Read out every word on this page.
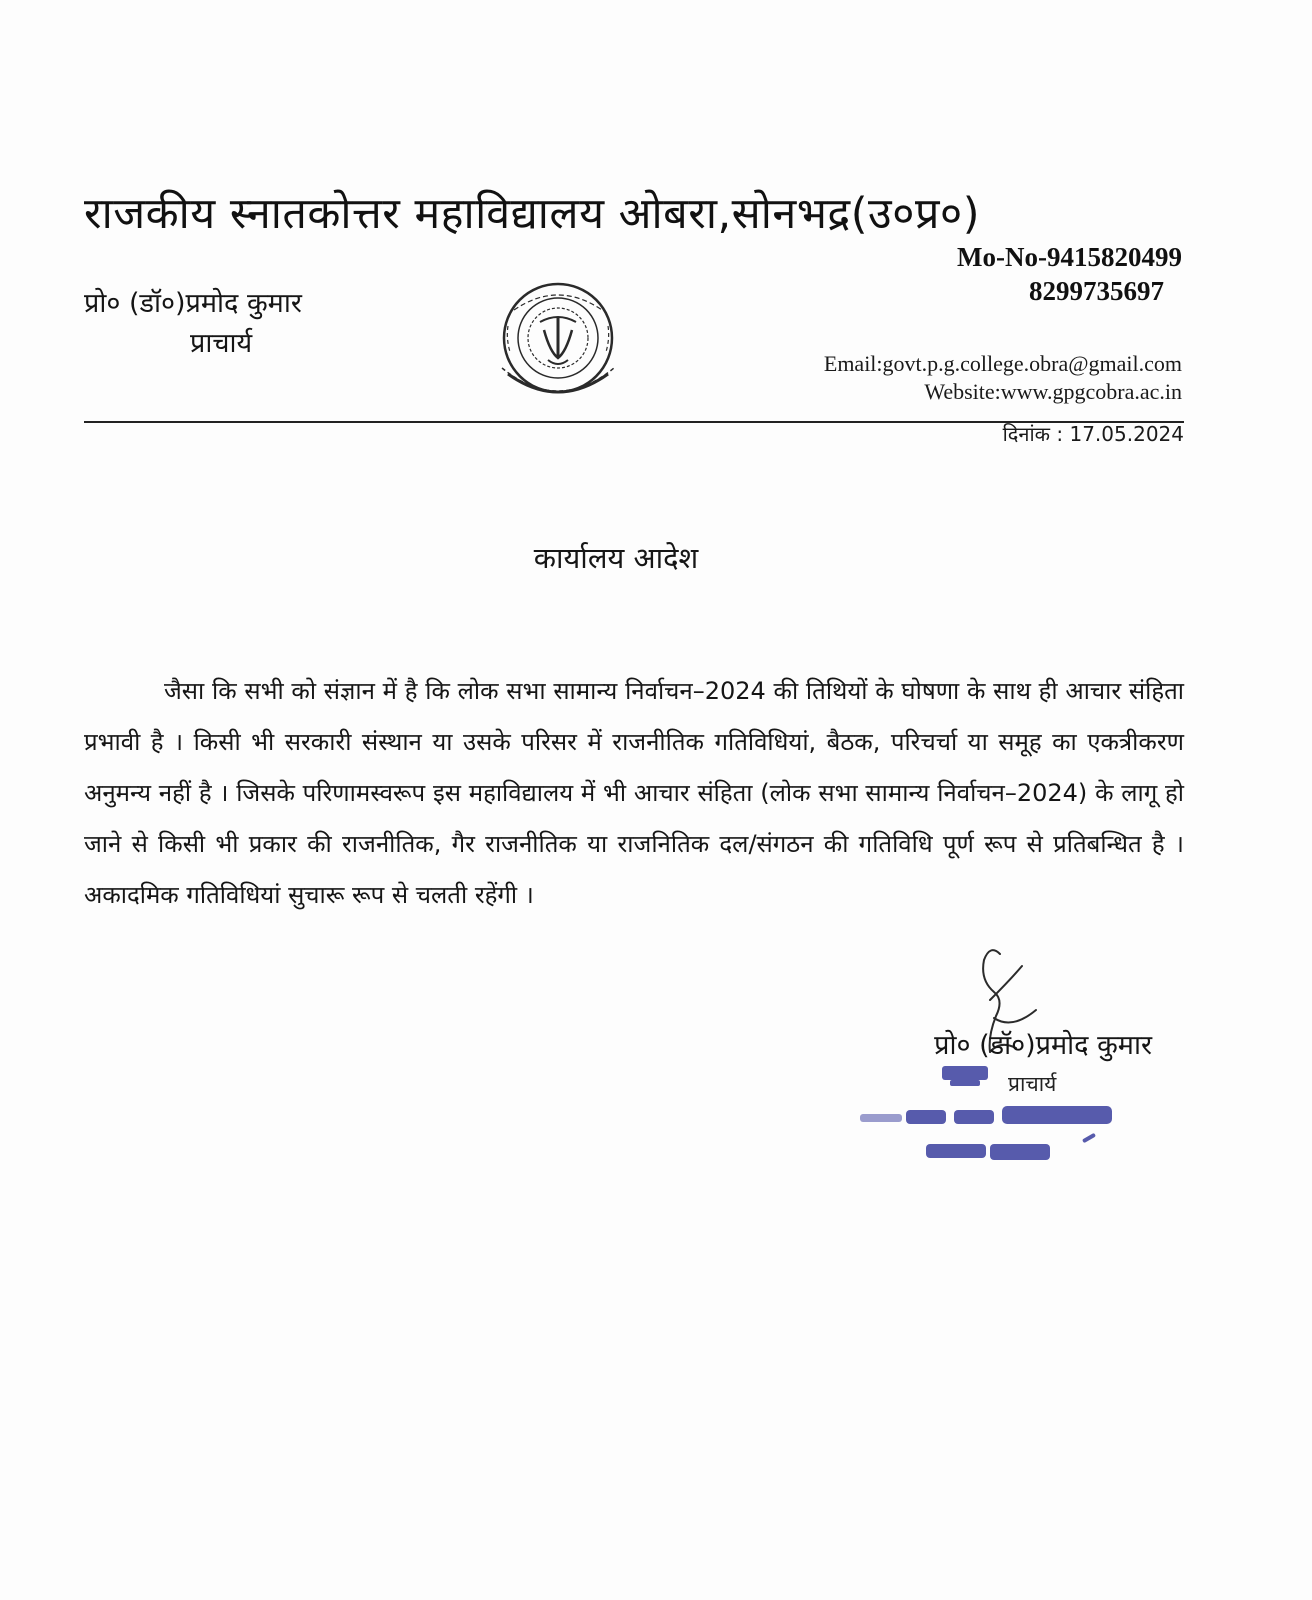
राजकीय स्नातकोत्तर महाविद्यालय ओबरा,सोनभद्र(उ०प्र०)
प्रो० (डॉ०)प्रमोद कुमार
प्राचार्य
Mo-No-9415820499
8299735697
Email:govt.p.g.college.obra@gmail.com
Website:www.gpgcobra.ac.in
दिनांक : 17.05.2024
कार्यालय आदेश
जैसा कि सभी को संज्ञान में है कि लोक सभा सामान्य निर्वाचन–2024 की तिथियों के घोषणा के साथ ही आचार संहिता प्रभावी है । किसी भी सरकारी संस्थान या उसके परिसर में राजनीतिक गतिविधियां, बैठक, परिचर्चा या समूह का एकत्रीकरण अनुमन्य नहीं है । जिसके परिणामस्वरूप इस महाविद्यालय में भी आचार संहिता (लोक सभा सामान्य निर्वाचन–2024) के लागू हो जाने से किसी भी प्रकार की राजनीतिक, गैर राजनीतिक या राजनितिक दल/संगठन की गतिविधि पूर्ण रूप से प्रतिबन्धित है । अकादमिक गतिविधियां सुचारू रूप से चलती रहेंगी ।
प्रो० (डॉ०)प्रमोद कुमार
प्राचार्य
